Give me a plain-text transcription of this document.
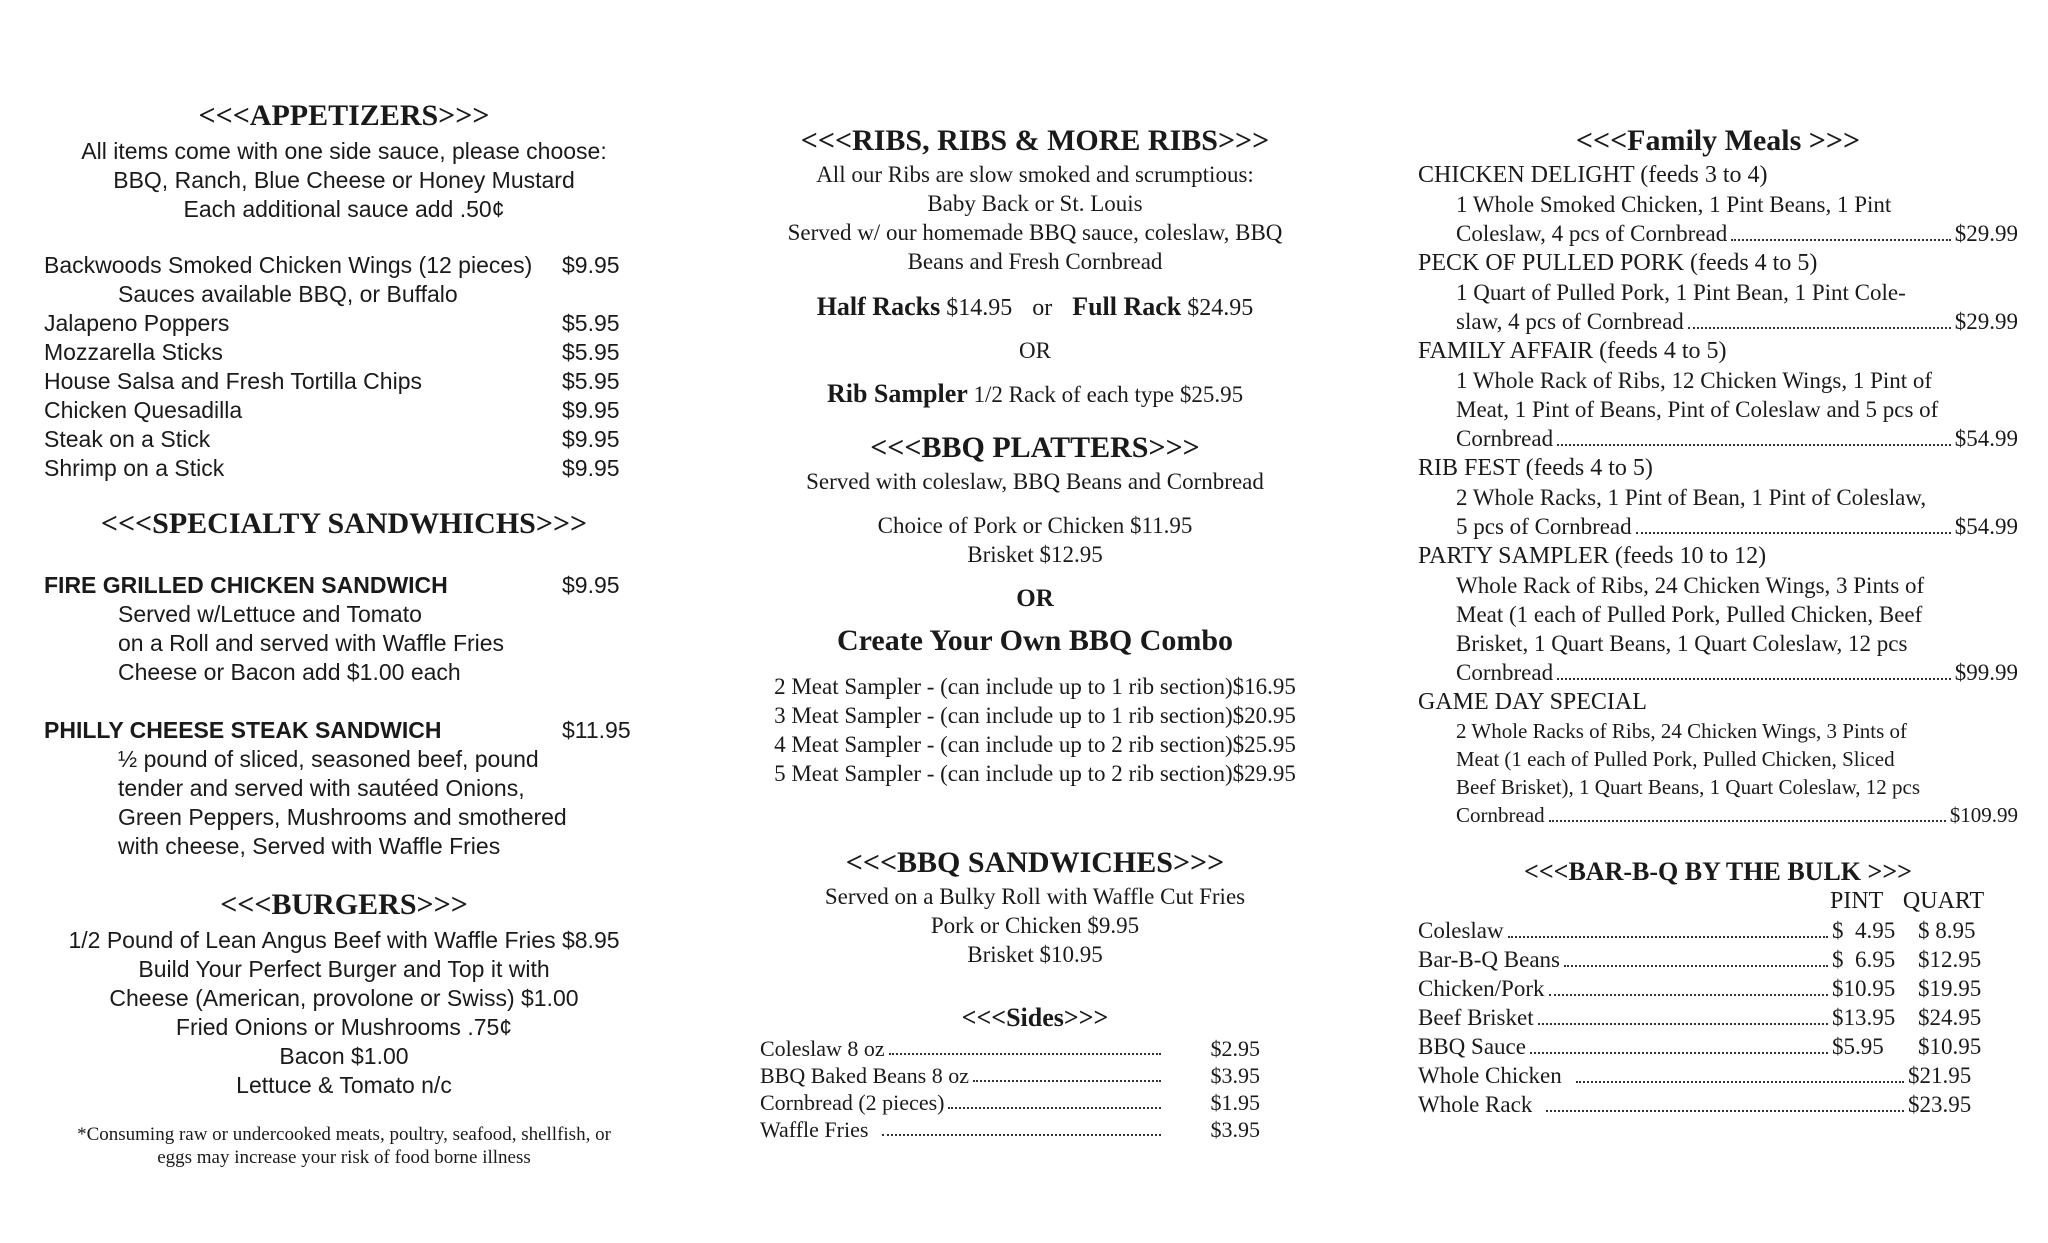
<<<APPETIZERS>>>
All items come with one side sauce, please choose:
BBQ, Ranch, Blue Cheese or Honey Mustard
Each additional sauce add .50¢
Backwoods Smoked Chicken Wings (12 pieces)	$9.95
Sauces available BBQ, or Buffalo
Jalapeno Poppers	$5.95
Mozzarella Sticks	$5.95
House Salsa and Fresh Tortilla Chips	$5.95
Chicken Quesadilla	$9.95
Steak on a Stick	$9.95
Shrimp on a Stick	$9.95
<<<SPECIALTY SANDWHICHS>>>
FIRE GRILLED CHICKEN SANDWICH	$9.95
Served w/Lettuce and Tomato
on a Roll and served with Waffle Fries
Cheese or Bacon add $1.00 each
PHILLY CHEESE STEAK SANDWICH	$11.95
½ pound of sliced, seasoned beef, pound
tender and served with sautéed Onions,
Green Peppers, Mushrooms and smothered
with cheese, Served with Waffle Fries
<<<BURGERS>>>
1/2 Pound of Lean Angus Beef with Waffle Fries $8.95
Build Your Perfect Burger and Top it with
Cheese (American, provolone or Swiss) $1.00
Fried Onions or Mushrooms .75¢
Bacon $1.00
Lettuce & Tomato n/c
*Consuming raw or undercooked meats, poultry, seafood, shellfish, or
eggs may increase your risk of food borne illness
<<<RIBS, RIBS & MORE RIBS>>>
All our Ribs are slow smoked and scrumptious:
Baby Back or St. Louis
Served w/ our homemade BBQ sauce, coleslaw, BBQ
Beans and Fresh Cornbread
Half Racks $14.95 or Full Rack $24.95
OR
Rib Sampler 1/2 Rack of each type $25.95
<<<BBQ PLATTERS>>>
Served with coleslaw, BBQ Beans and Cornbread
Choice of Pork or Chicken $11.95
Brisket $12.95
OR
Create Your Own BBQ Combo
2 Meat Sampler - (can include up to 1 rib section)$16.95
3 Meat Sampler - (can include up to 1 rib section)$20.95
4 Meat Sampler - (can include up to 2 rib section)$25.95
5 Meat Sampler - (can include up to 2 rib section)$29.95
<<<BBQ SANDWICHES>>>
Served on a Bulky Roll with Waffle Cut Fries
Pork or Chicken $9.95
Brisket $10.95
<<<Sides>>>
Coleslaw 8 oz	$2.95
BBQ Baked Beans 8 oz	$3.95
Cornbread (2 pieces)	$1.95
Waffle Fries	$3.95
<<<Family Meals >>>
CHICKEN DELIGHT (feeds 3 to 4)
1 Whole Smoked Chicken, 1 Pint Beans, 1 Pint
Coleslaw, 4 pcs of Cornbread	$29.99
PECK OF PULLED PORK (feeds 4 to 5)
1 Quart of Pulled Pork, 1 Pint Bean, 1 Pint Cole-
slaw, 4 pcs of Cornbread	$29.99
FAMILY AFFAIR (feeds 4 to 5)
1 Whole Rack of Ribs, 12 Chicken Wings, 1 Pint of
Meat, 1 Pint of Beans, Pint of Coleslaw and 5 pcs of
Cornbread	$54.99
RIB FEST (feeds 4 to 5)
2 Whole Racks, 1 Pint of Bean, 1 Pint of Coleslaw,
5 pcs of Cornbread	$54.99
PARTY SAMPLER (feeds 10 to 12)
Whole Rack of Ribs, 24 Chicken Wings, 3 Pints of
Meat (1 each of Pulled Pork, Pulled Chicken, Beef
Brisket, 1 Quart Beans, 1 Quart Coleslaw, 12 pcs
Cornbread	$99.99
GAME DAY SPECIAL
2 Whole Racks of Ribs, 24 Chicken Wings, 3 Pints of
Meat (1 each of Pulled Pork, Pulled Chicken, Sliced
Beef Brisket), 1 Quart Beans, 1 Quart Coleslaw, 12 pcs
Cornbread	$109.99
<<<BAR-B-Q BY THE BULK >>>
PINT QUART
Coleslaw	$  4.95 $ 8.95
Bar-B-Q Beans	$  6.95 $12.95
Chicken/Pork	$10.95 $19.95
Beef Brisket	$13.95 $24.95
BBQ Sauce	$5.95	$10.95
Whole Chicken	$21.95
Whole Rack	$23.95
